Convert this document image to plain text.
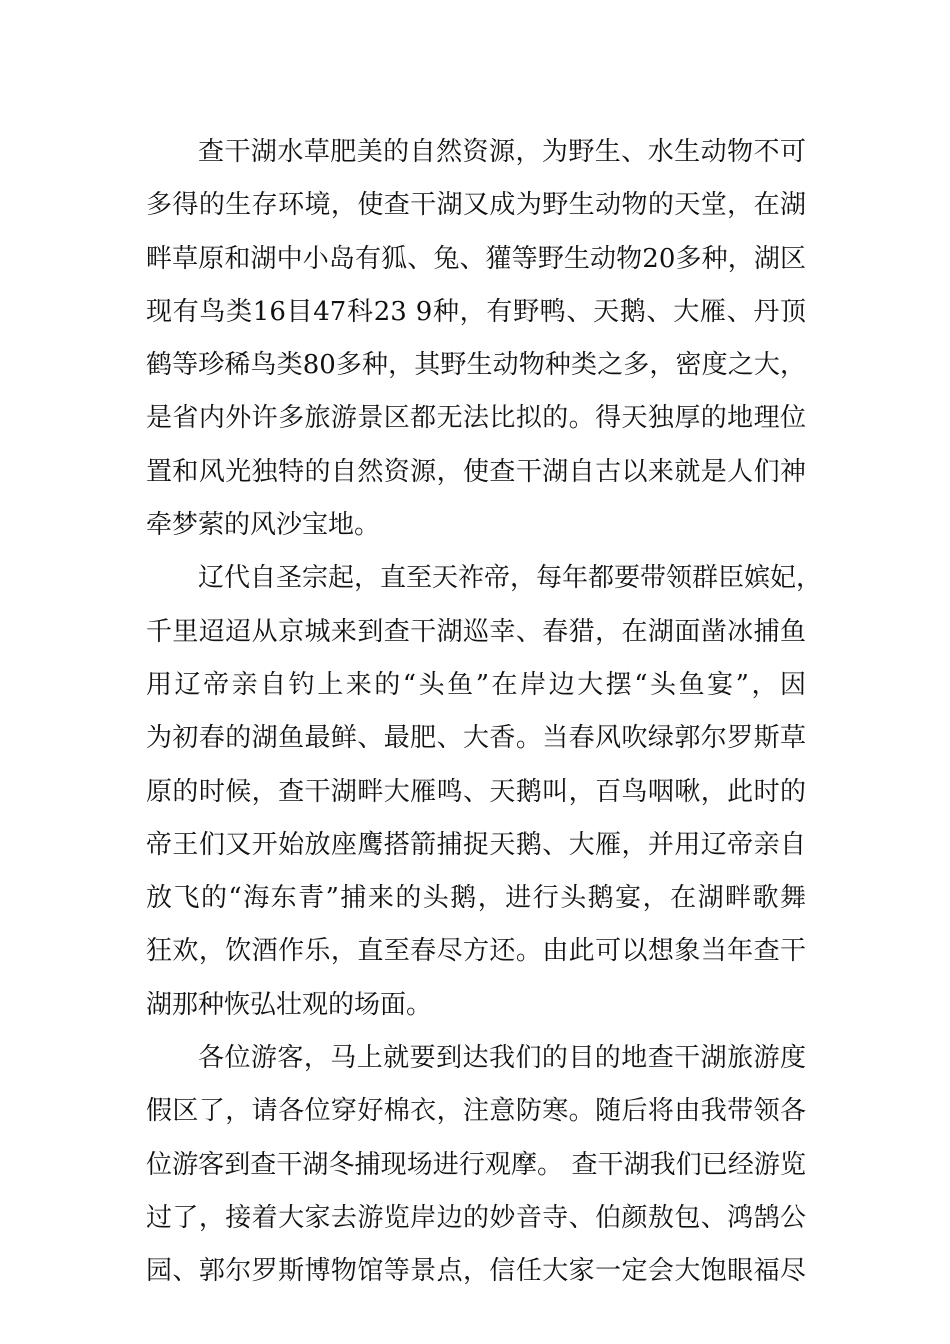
查干湖水草肥美的自然资源，为野生、水生动物不可
多得的生存环境，使查干湖又成为野生动物的天堂，在湖
畔草原和湖中小岛有狐、兔、獾等野生动物20多种，湖区
现有鸟类16目47科23 9种，有野鸭、天鹅、大雁、丹顶
鹤等珍稀鸟类80多种，其野生动物种类之多，密度之大，
是省内外许多旅游景区都无法比拟的。得天独厚的地理位
置和风光独特的自然资源，使查干湖自古以来就是人们神
牵梦萦的风沙宝地。
辽代自圣宗起，直至天祚帝，每年都要带领群臣嫔妃，
千里迢迢从京城来到查干湖巡幸、春猎，在湖面凿冰捕鱼
用辽帝亲自钓上来的“头鱼”在岸边大摆“头鱼宴”，因
为初春的湖鱼最鲜、最肥、大香。当春风吹绿郭尔罗斯草
原的时候，查干湖畔大雁鸣、天鹅叫，百鸟咽啾，此时的
帝王们又开始放座鹰搭箭捕捉天鹅、大雁，并用辽帝亲自
放飞的“海东青”捕来的头鹅，进行头鹅宴，在湖畔歌舞
狂欢，饮酒作乐，直至春尽方还。由此可以想象当年查干
湖那种恢弘壮观的场面。
各位游客，马上就要到达我们的目的地查干湖旅游度
假区了，请各位穿好棉衣，注意防寒。随后将由我带领各
位游客到查干湖冬捕现场进行观摩。 查干湖我们已经游览
过了，接着大家去游览岸边的妙音寺、伯颜敖包、鸿鹄公
园、郭尔罗斯博物馆等景点，信任大家一定会大饱眼福尽
